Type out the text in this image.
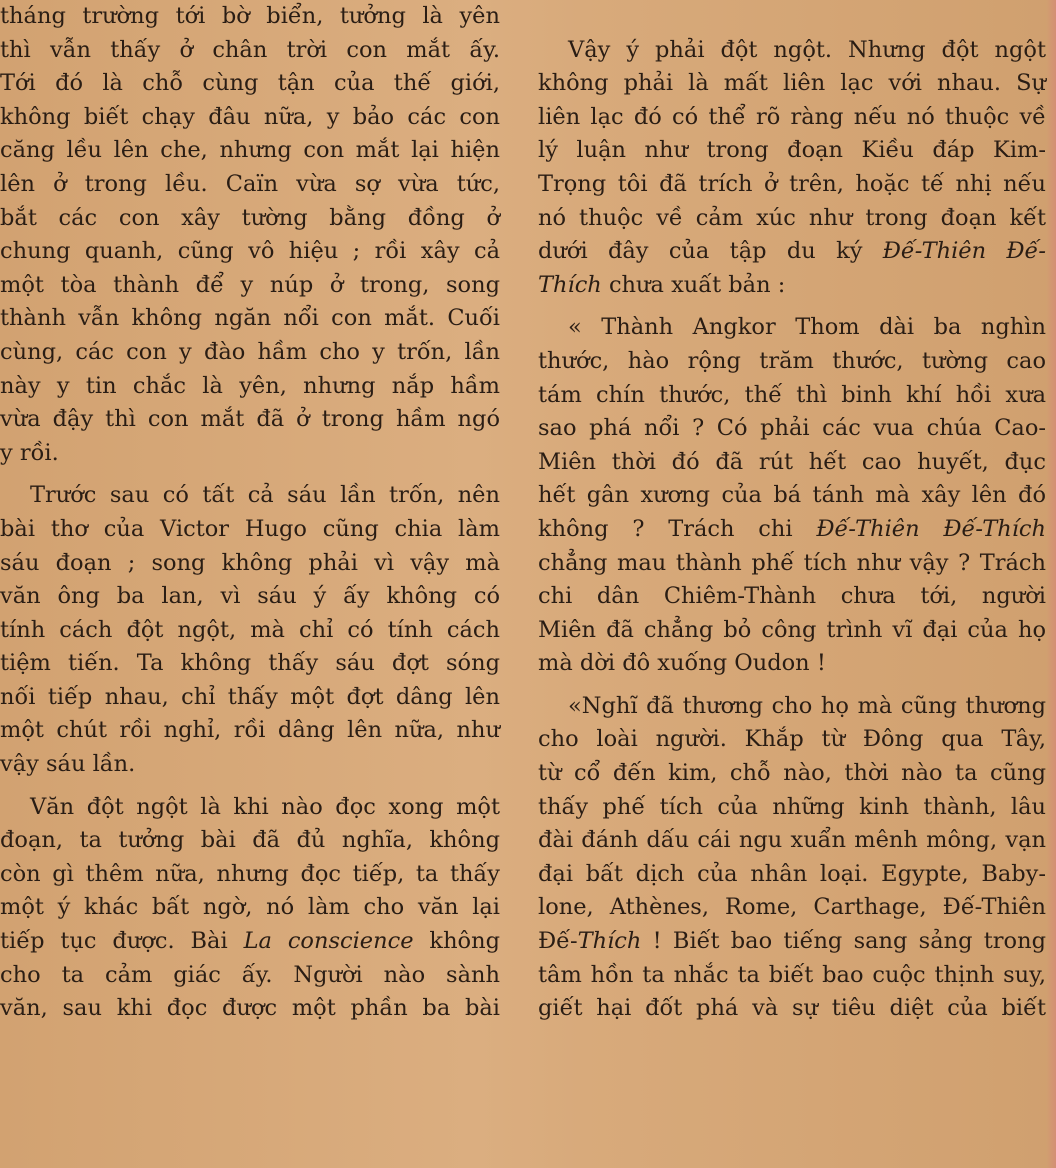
tháng trường tới bờ biển, tưởng là yên
thì vẫn thấy ở chân trời con mắt ấy.
Tới đó là chỗ cùng tận của thế giới,
không biết chạy đâu nữa, y bảo các con
căng lều lên che, nhưng con mắt lại hiện
lên ở trong lều. Caïn vừa sợ vừa tức,
bắt các con xây tường bằng đồng ở
chung quanh, cũng vô hiệu ; rồi xây cả
một tòa thành để y núp ở trong, song
thành vẫn không ngăn nổi con mắt. Cuối
cùng, các con y đào hầm cho y trốn, lần
này y tin chắc là yên, nhưng nắp hầm
vừa đậy thì con mắt đã ở trong hầm ngó
y rồi.
Trước sau có tất cả sáu lần trốn, nên
bài thơ của Victor Hugo cũng chia làm
sáu đoạn ; song không phải vì vậy mà
văn ông ba lan, vì sáu ý ấy không có
tính cách đột ngột, mà chỉ có tính cách
tiệm tiến. Ta không thấy sáu đợt sóng
nối tiếp nhau, chỉ thấy một đợt dâng lên
một chút rồi nghỉ, rồi dâng lên nữa, như
vậy sáu lần.
Văn đột ngột là khi nào đọc xong một
đoạn, ta tưởng bài đã đủ nghĩa, không
còn gì thêm nữa, nhưng đọc tiếp, ta thấy
một ý khác bất ngờ, nó làm cho văn lại
tiếp tục được. Bài La conscience không
cho ta cảm giác ấy. Người nào sành
văn, sau khi đọc được một phần ba bài
Vậy ý phải đột ngột. Nhưng đột ngột
không phải là mất liên lạc với nhau. Sự
liên lạc đó có thể rõ ràng nếu nó thuộc về
lý luận như trong đoạn Kiều đáp Kim-
Trọng tôi đã trích ở trên, hoặc tế nhị nếu
nó thuộc về cảm xúc như trong đoạn kết
dưới đây của tập du ký Đế-Thiên Đế-
Thích chưa xuất bản :
« Thành Angkor Thom dài ba nghìn
thước, hào rộng trăm thước, tường cao
tám chín thước, thế thì binh khí hồi xưa
sao phá nổi ? Có phải các vua chúa Cao-
Miên thời đó đã rút hết cao huyết, đục
hết gân xương của bá tánh mà xây lên đó
không ? Trách chi Đế-Thiên Đế-Thích
chẳng mau thành phế tích như vậy ? Trách
chi dân Chiêm-Thành chưa tới, người
Miên đã chẳng bỏ công trình vĩ đại của họ
mà dời đô xuống Oudon !
«Nghĩ đã thương cho họ mà cũng thương
cho loài người. Khắp từ Đông qua Tây,
từ cổ đến kim, chỗ nào, thời nào ta cũng
thấy phế tích của những kinh thành, lâu
đài đánh dấu cái ngu xuẩn mênh mông, vạn
đại bất dịch của nhân loại. Egypte, Baby-
lone, Athènes, Rome, Carthage, Đế-Thiên
Đế-Thích ! Biết bao tiếng sang sảng trong
tâm hồn ta nhắc ta biết bao cuộc thịnh suy,
giết hại đốt phá và sự tiêu diệt của biết
